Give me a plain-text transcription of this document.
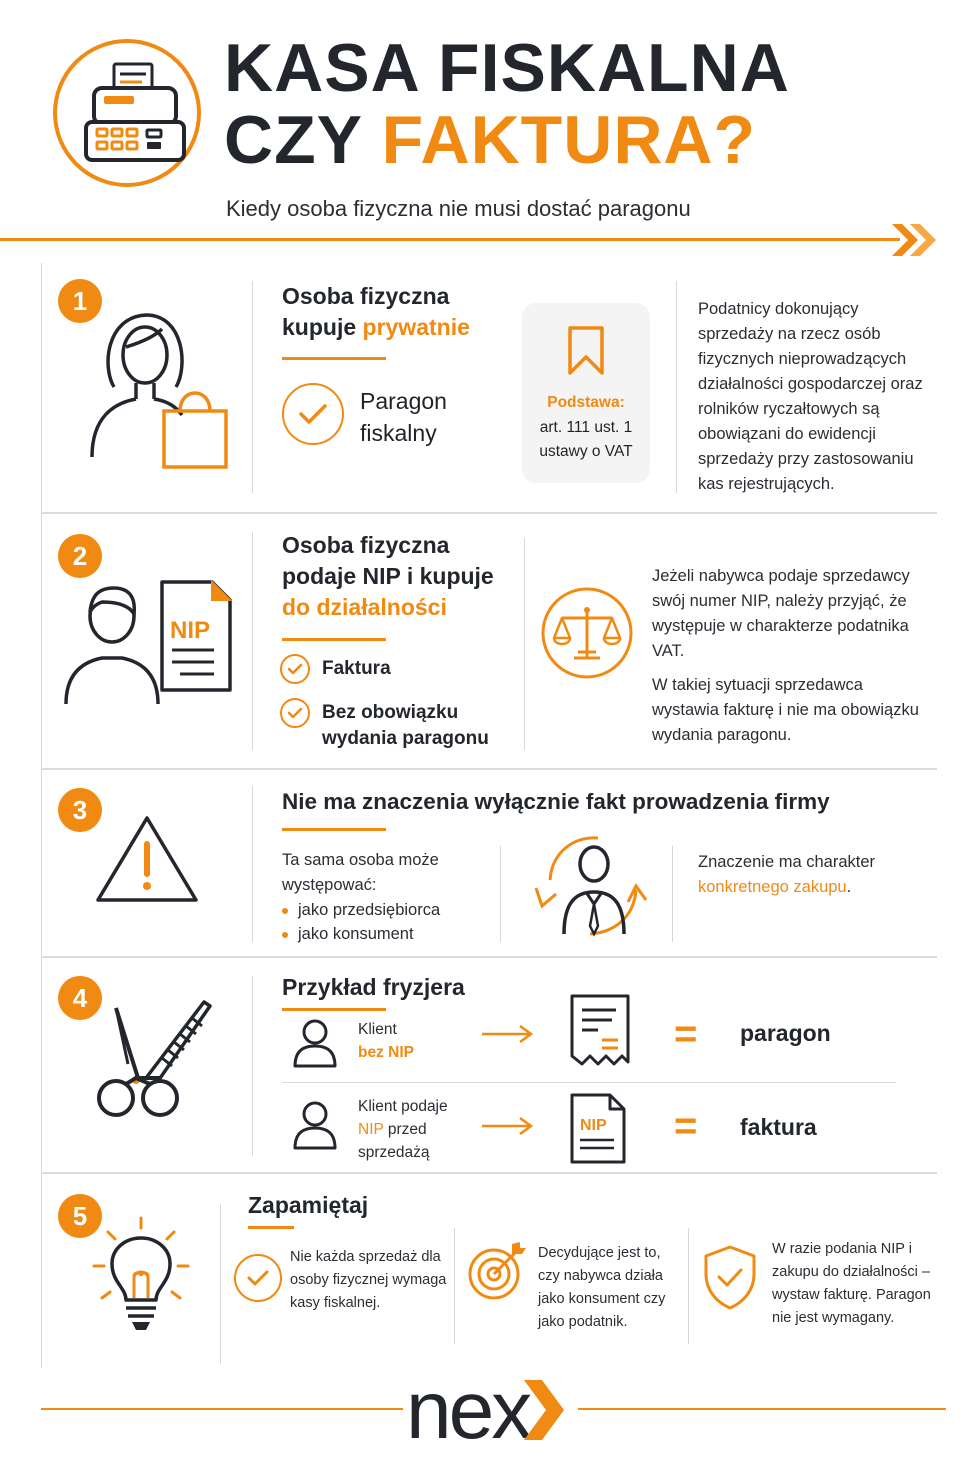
KASA FISKALNA
CZY FAKTURA?
Kiedy osoba fizyczna nie musi dostać paragonu
1	Osoba fizyczna
kupuje prywatnie
Paragon
fiskalny
Podstawa:
art. 111 ust. 1 ustawy o VAT
Podatnicy dokonujący sprzedaży na rzecz osób fizycznych nieprowadzących działalności gospodarczej oraz rolników ryczałtowych są obowiązani do ewidencji sprzedaży przy zastosowaniu kas rejestrujących.
2
NIP
Osoba fizyczna
podaje NIP i kupuje
do działalności
Faktura
Bez obowiązku wydania paragonu
Jeżeli nabywca podaje sprzedawcy swój numer NIP, należy przyjąć, że występuje w charakterze podatnika VAT.
W takiej sytuacji sprzedawca wystawia fakturę i nie ma obowiązku wydania paragonu.
3	Nie ma znaczenia wyłącznie fakt prowadzenia firmy
Ta sama osoba może występować:
jako przedsiębiorca
jako konsument
Znaczenie ma charakter konkretnego zakupu.
4	Przykład fryzjera
Klient
bez NIP	= paragon
Klient podaje
NIP przed
sprzedażą
NIP = faktura
5	Zapamiętaj
Nie każda sprzedaż dla osoby fizycznej wymaga kasy fiskalnej.
Decydujące jest to, czy nabywca działa jako konsument czy jako podatnik.
W razie podania NIP i zakupu do działalności – wystaw fakturę. Paragon nie jest wymagany.
nex
